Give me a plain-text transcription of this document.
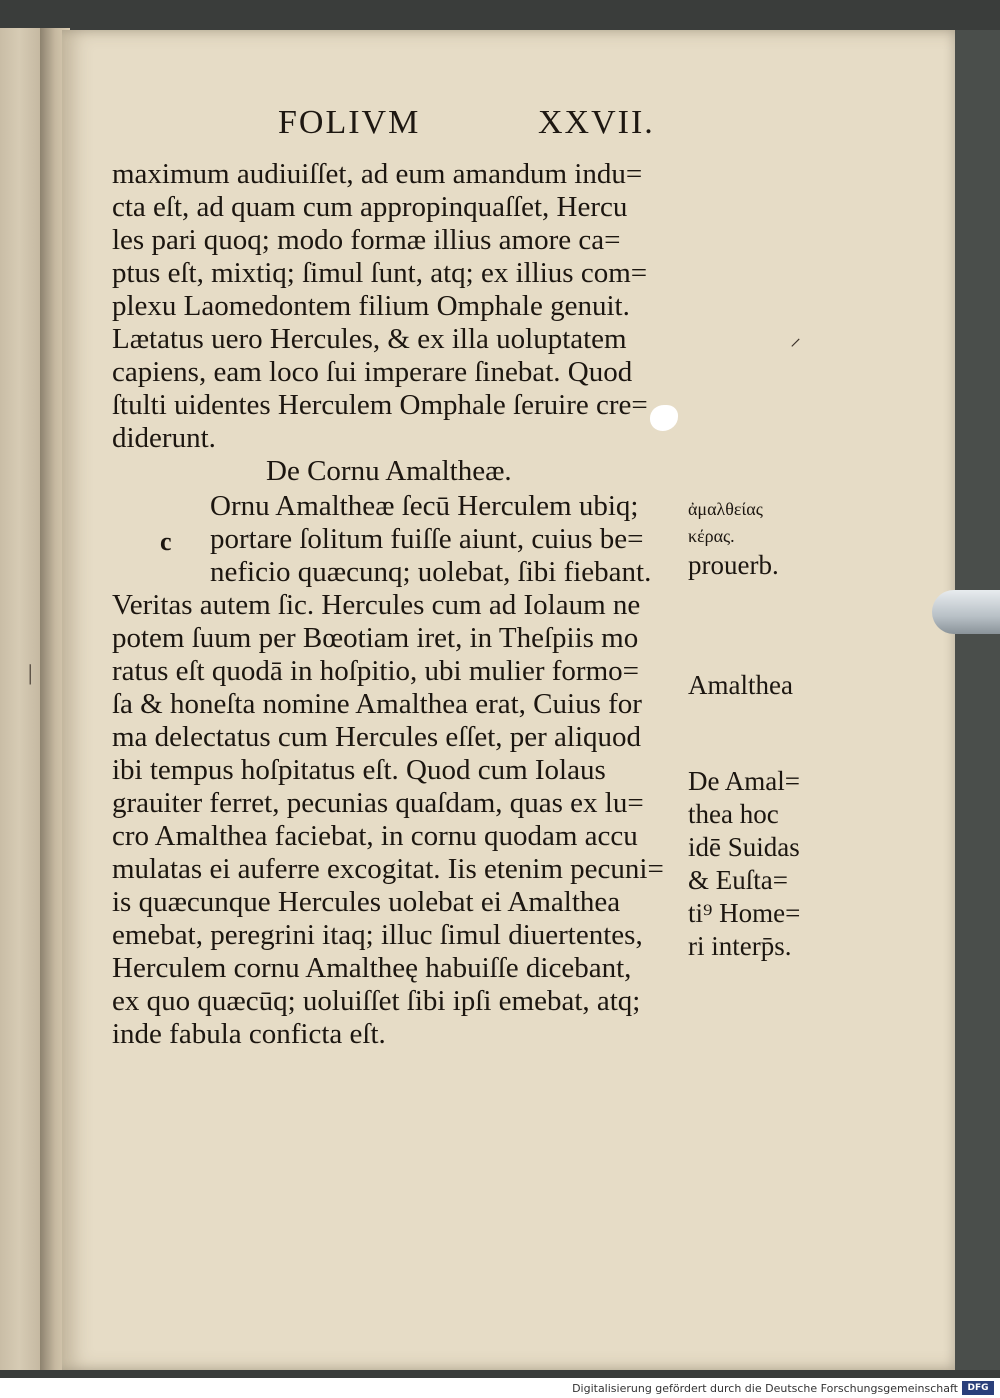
FOLIVM	XXVII.
maximum audiuiſſet, ad eum amandum indu=
cta eſt, ad quam cum appropinquaſſet, Hercu
les pari quoq; modo formæ illius amore ca=
ptus eſt, mixtiq; ſimul ſunt, atq; ex illius com=
plexu Laomedontem filium Omphale genuit.
Lætatus uero Hercules, & ex illa uoluptatem
capiens, eam loco ſui imperare ſinebat. Quod
ſtulti uidentes Herculem Omphale ſeruire cre=
diderunt.
De Cornu Amaltheæ.
c
Ornu Amaltheæ ſecū Herculem ubiq;
portare ſolitum fuiſſe aiunt, cuius be=
neficio quæcunq; uolebat, ſibi fiebant.
Veritas autem ſic. Hercules cum ad Iolaum ne
potem ſuum per Bœotiam iret, in Theſpiis mo
ratus eſt quodā in hoſpitio, ubi mulier formo=
ſa & honeſta nomine Amalthea erat, Cuius for
ma delectatus cum Hercules eſſet, per aliquod
ibi tempus hoſpitatus eſt. Quod cum Iolaus
grauiter ferret, pecunias quaſdam, quas ex lu=
cro Amalthea faciebat, in cornu quodam accu
mulatas ei auferre excogitat. Iis etenim pecuni=
is quæcunque Hercules uolebat ei Amalthea
emebat, peregrini itaq; illuc ſimul diuertentes,
Herculem cornu Amaltheę habuiſſe dicebant,
ex quo quæcūq; uoluiſſet ſibi ipſi emebat, atq;
inde fabula conficta eſt.
ἀμαλθείας
κέρας.
prouerb.
Amalthea
De Amal=
thea hoc
idē Suidas
& Euſta=
ti⁹ Home=
ri interp̄s.
⸝
|
Digitalisierung gefördert durch die Deutsche Forschungsgemeinschaft	DFG
